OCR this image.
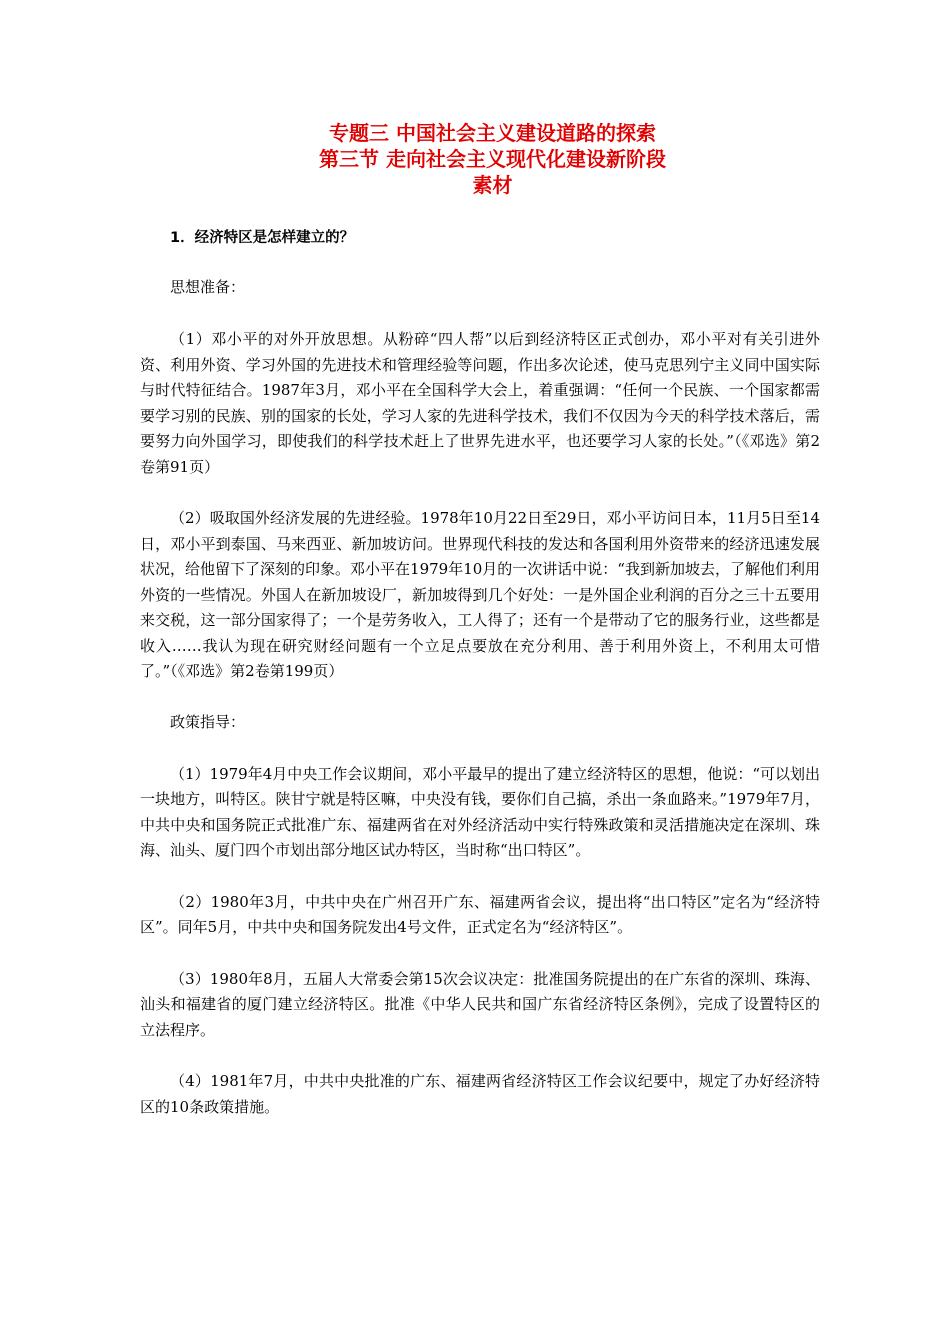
专题三 中国社会主义建设道路的探索
第三节 走向社会主义现代化建设新阶段
素材
1．经济特区是怎样建立的？
思想准备：

（1）邓小平的对外开放思想。从粉碎“四人帮”以后到经济特区正式创办，邓小平对有关引进外资、利用外资、学习外国的先进技术和管理经验等问题，作出多次论述，使马克思列宁主义同中国实际与时代特征结合。1987年3月，邓小平在全国科学大会上，着重强调：“任何一个民族、一个国家都需要学习别的民族、别的国家的长处，学习人家的先进科学技术，我们不仅因为今天的科学技术落后，需要努力向外国学习，即使我们的科学技术赶上了世界先进水平，也还要学习人家的长处。”（《邓选》第2卷第91页）

（2）吸取国外经济发展的先进经验。1978年10月22日至29日，邓小平访问日本，11月5日至14日，邓小平到泰国、马来西亚、新加坡访问。世界现代科技的发达和各国利用外资带来的经济迅速发展状况，给他留下了深刻的印象。邓小平在1979年10月的一次讲话中说：“我到新加坡去，了解他们利用外资的一些情况。外国人在新加坡设厂，新加坡得到几个好处：一是外国企业利润的百分之三十五要用来交税，这一部分国家得了；一个是劳务收入，工人得了；还有一个是带动了它的服务行业，这些都是收入……我认为现在研究财经问题有一个立足点要放在充分利用、善于利用外资上，不利用太可惜了。”（《邓选》第2卷第199页）

政策指导：

（1）1979年4月中央工作会议期间，邓小平最早的提出了建立经济特区的思想，他说：“可以划出一块地方，叫特区。陕甘宁就是特区嘛，中央没有钱，要你们自己搞，杀出一条血路来。”1979年7月，中共中央和国务院正式批准广东、福建两省在对外经济活动中实行特殊政策和灵活措施决定在深圳、珠海、汕头、厦门四个市划出部分地区试办特区，当时称“出口特区”。

（2）1980年3月，中共中央在广州召开广东、福建两省会议，提出将“出口特区”定名为“经济特区”。同年5月，中共中央和国务院发出4号文件，正式定名为“经济特区”。

（3）1980年8月，五届人大常委会第15次会议决定：批准国务院提出的在广东省的深圳、珠海、汕头和福建省的厦门建立经济特区。批准《中华人民共和国广东省经济特区条例》，完成了设置特区的立法程序。

（4）1981年7月，中共中央批准的广东、福建两省经济特区工作会议纪要中，规定了办好经济特区的10条政策措施。
